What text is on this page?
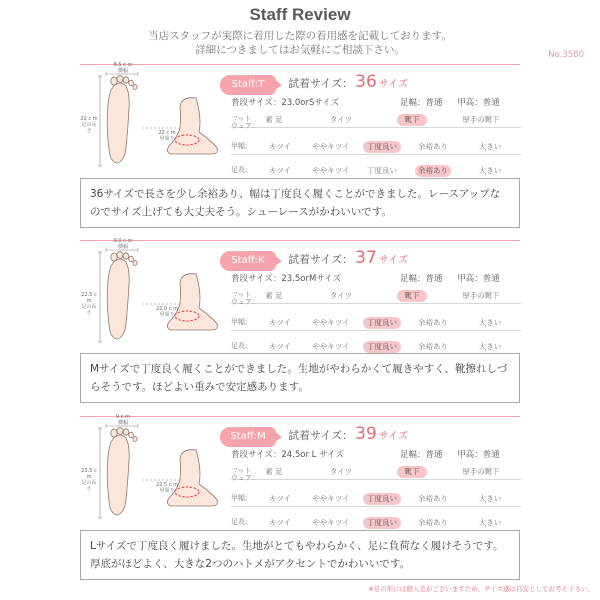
Staff Review
当店スタッフが実際に着用した際の着用感を記載しております。
詳細につきましてはお気軽にご相談下さい。	No.3580
8.5 c m
横幅
22 c m
足の長さ	22 c m
甲周り
Staff:T	試着サイズ： 36 サイズ
普段サイズ：23.0orSサイズ	足幅：普通 甲高：普通
フット
ウェア：
素 足	タイツ	靴下	厚手の靴下
甲幅：	キツイ	ややキツイ	丁度良い	余裕あり	大きい
足長：	キツイ	ややキツイ	丁度良い	余裕あり	大きい
36サイズで長さを少し余裕あり、幅は丁度良く履くことができました。レースアップなのでサイズ上げても大丈夫そう。シューレースがかわいいです。
9.0 c m
横幅
22.5 c m
足の長さ
22.0 c m
甲周り
Staff:K	試着サイズ： 37 サイズ
普段サイズ：23.5orMサイズ	足幅：普通 甲高：普通
フット
ウェア：
素 足	タイツ	靴下	厚手の靴下
甲幅：	キツイ	ややキツイ	丁度良い	余裕あり	大きい
足長：	キツイ	ややキツイ	丁度良い	余裕あり	大きい
Mサイズで丁度良く履くことができました。生地がやわらかくて履きやすく、靴擦れしづらそうです。ほどよい重みで安定感あります。
9 c m
横幅
23.5 c m
足の長さ
22.5 c m
甲周り
Staff:M	試着サイズ： 39 サイズ
普段サイズ：24.5or L サイズ	足幅：普通 甲高：普通
フット
ウェア：
素 足	タイツ	靴下	厚手の靴下
甲幅：	キツイ	ややキツイ	丁度良い	余裕あり	大きい
足長：	キツイ	ややキツイ	丁度良い	余裕あり	大きい
Lサイズで丁度良く履けました。生地がとてもやわらかく、足に負荷なく履けそうです。厚底がほどよく、大きな2つのハトメがアクセントでかわいいです。
※足の形には個人差がございますため、サイズ感は目安としてお考え下さい。
